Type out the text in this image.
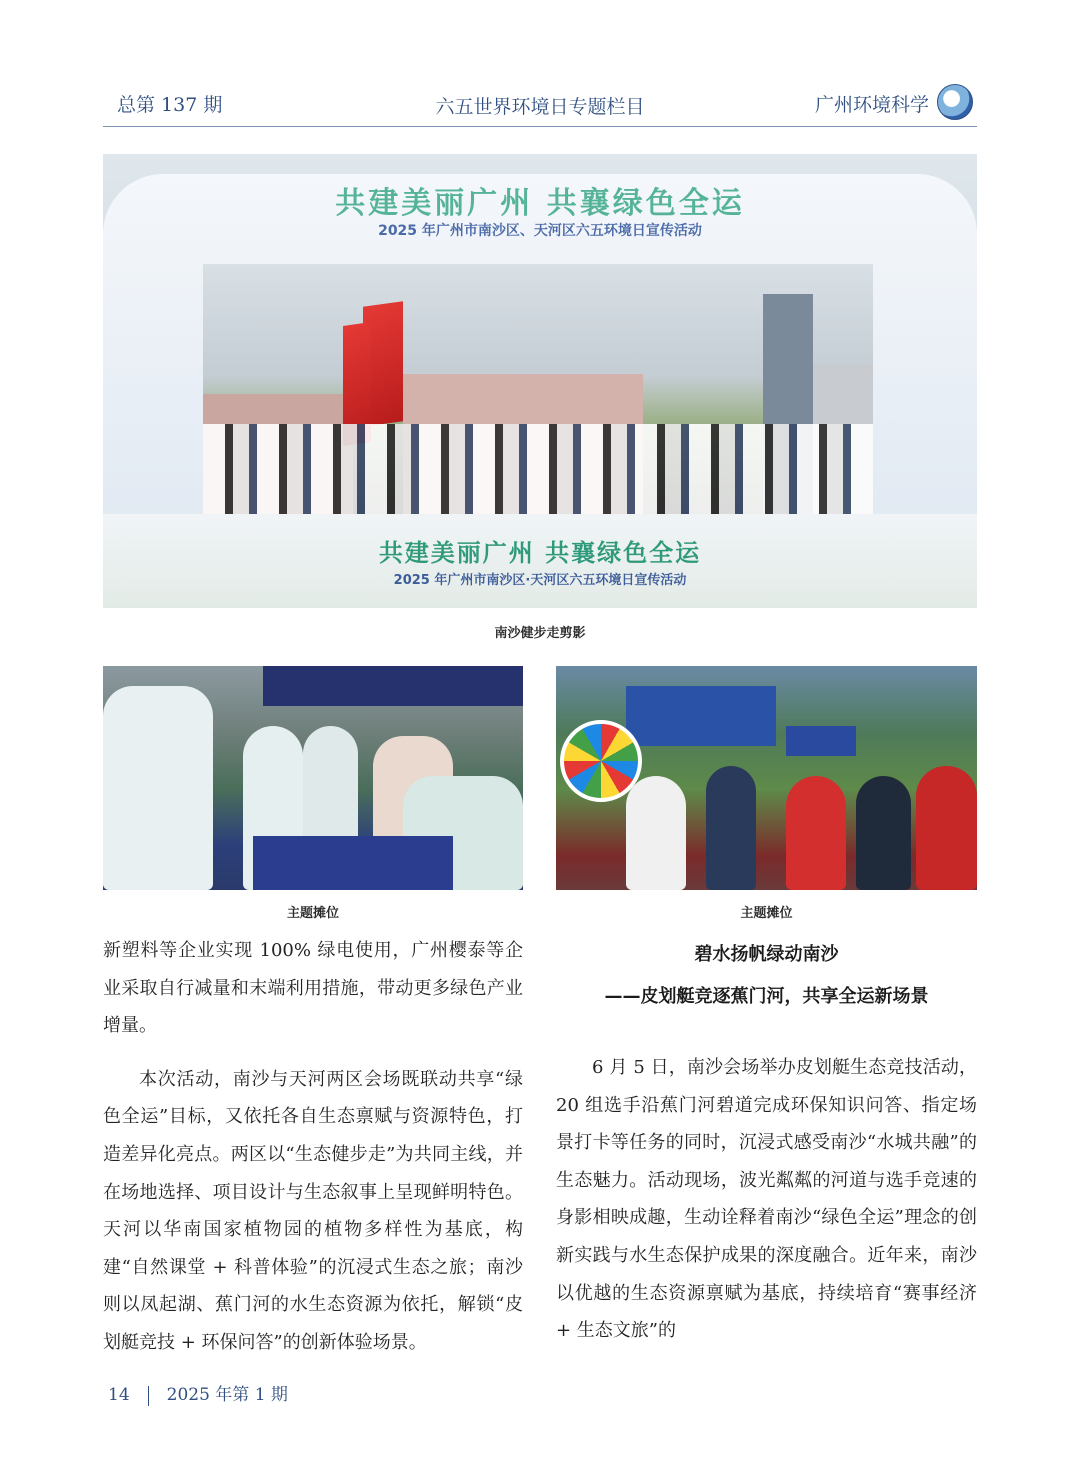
总第 137 期	六五世界环境日专题栏目	广州环境科学
共建美丽广州 共襄绿色全运
2025 年广州市南沙区、天河区六五环境日宣传活动
共建美丽广州 共襄绿色全运
2025 年广州市南沙区·天河区六五环境日宣传活动
南沙健步走剪影
主题摊位	主题摊位

新塑料等企业实现 100% 绿电使用，广州樱泰等企业采取自行减量和末端利用措施，带动更多绿色产业增量。

本次活动，南沙与天河两区会场既联动共享“绿色全运”目标，又依托各自生态禀赋与资源特色，打造差异化亮点。两区以“生态健步走”为共同主线，并在场地选择、项目设计与生态叙事上呈现鲜明特色。天河以华南国家植物园的植物多样性为基底，构建“自然课堂 + 科普体验”的沉浸式生态之旅；南沙则以凤起湖、蕉门河的水生态资源为依托，解锁“皮划艇竞技 + 环保问答”的创新体验场景。

碧水扬帆绿动南沙
——皮划艇竞逐蕉门河，共享全运新场景

6 月 5 日，南沙会场举办皮划艇生态竞技活动，20 组选手沿蕉门河碧道完成环保知识问答、指定场景打卡等任务的同时，沉浸式感受南沙“水城共融”的生态魅力。活动现场，波光粼粼的河道与选手竞速的身影相映成趣，生动诠释着南沙“绿色全运”理念的创新实践与水生态保护成果的深度融合。近年来，南沙以优越的生态资源禀赋为基底，持续培育“赛事经济 + 生态文旅”的

14 2025 年第 1 期
